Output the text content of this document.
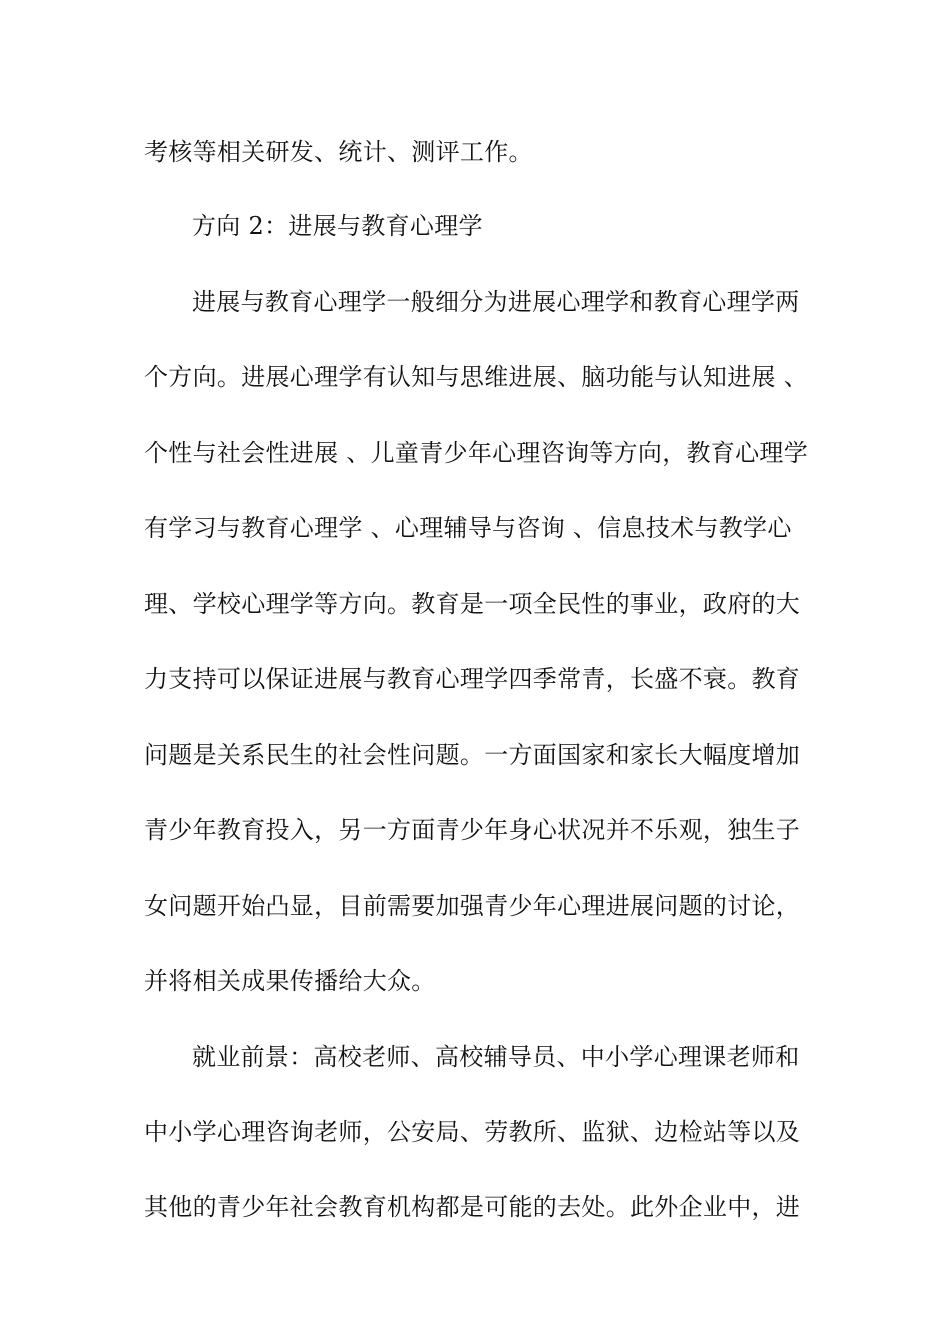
考核等相关研发、统计、测评工作。
方向 2：进展与教育心理学
进展与教育心理学一般细分为进展心理学和教育心理学两
个方向。进展心理学有认知与思维进展、脑功能与认知进展 、
个性与社会性进展 、儿童青少年心理咨询等方向，教育心理学
有学习与教育心理学 、心理辅导与咨询 、信息技术与教学心
理、学校心理学等方向。教育是一项全民性的事业，政府的大
力支持可以保证进展与教育心理学四季常青，长盛不衰。教育
问题是关系民生的社会性问题。一方面国家和家长大幅度增加
青少年教育投入，另一方面青少年身心状况并不乐观，独生子
女问题开始凸显，目前需要加强青少年心理进展问题的讨论，
并将相关成果传播给大众。
就业前景：高校老师、高校辅导员、中小学心理课老师和
中小学心理咨询老师，公安局、劳教所、监狱、边检站等以及
其他的青少年社会教育机构都是可能的去处。此外企业中，进
